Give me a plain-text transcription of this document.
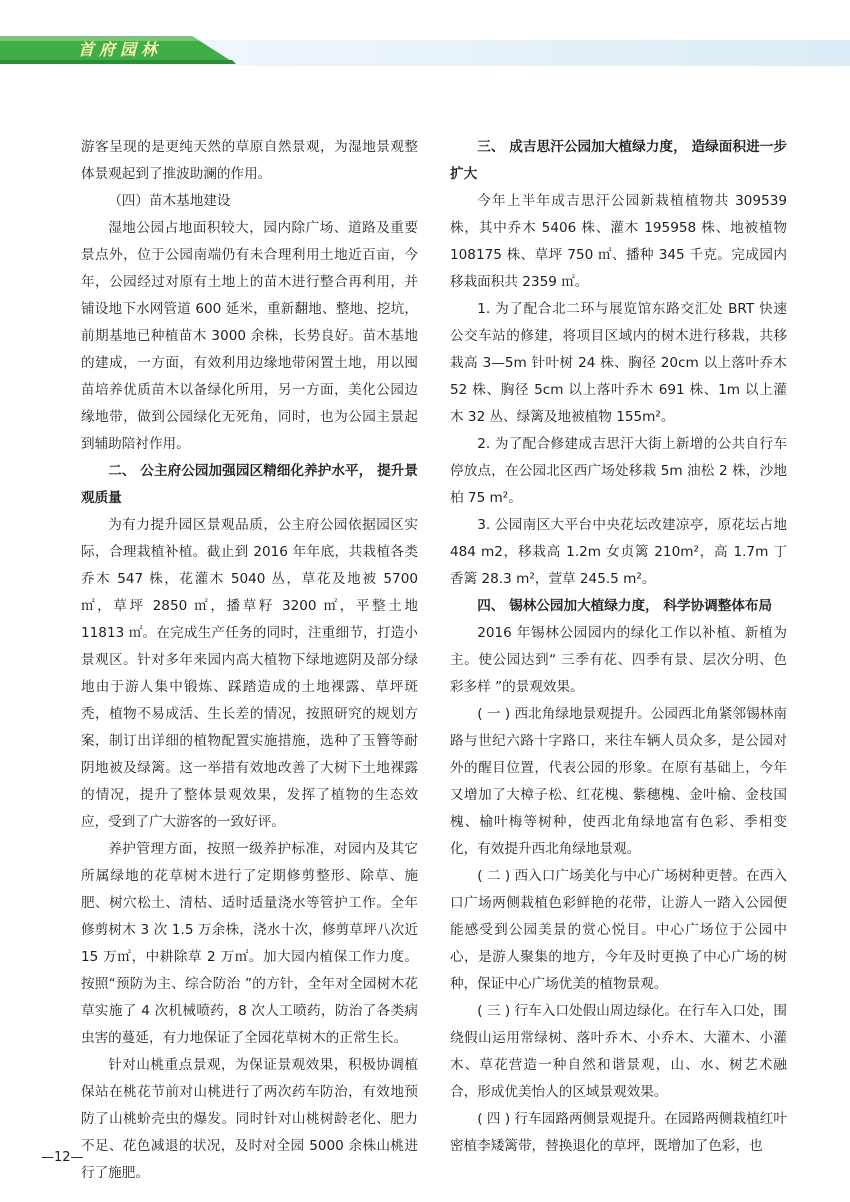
首府园林

游客呈现的是更纯天然的草原自然景观，为湿地景观整体景观起到了推波助澜的作用。

（四）苗木基地建设

湿地公园占地面积较大，园内除广场、道路及重要景点外，位于公园南端仍有未合理利用土地近百亩，今年，公园经过对原有土地上的苗木进行整合再利用，并铺设地下水网管道 600 延米，重新翻地、整地、挖坑，前期基地已种植苗木 3000 余株，长势良好。苗木基地的建成，一方面，有效利用边缘地带闲置土地，用以囤苗培养优质苗木以备绿化所用，另一方面，美化公园边缘地带，做到公园绿化无死角，同时，也为公园主景起到辅助陪衬作用。

二、 公主府公园加强园区精细化养护水平， 提升景观质量

为有力提升园区景观品质，公主府公园依据园区实际，合理栽植补植。截止到 2016 年年底，共栽植各类乔木 547 株，花灌木 5040 丛，草花及地被 5700 ㎡，草坪 2850 ㎡，播草籽 3200 ㎡，平整土地 11813 ㎡。在完成生产任务的同时，注重细节，打造小景观区。针对多年来园内高大植物下绿地遮阴及部分绿地由于游人集中锻炼、踩踏造成的土地裸露、草坪斑秃，植物不易成活、生长差的情况，按照研究的规划方案，制订出详细的植物配置实施措施，选种了玉簪等耐阴地被及绿篱。这一举措有效地改善了大树下土地裸露的情况，提升了整体景观效果，发挥了植物的生态效应，受到了广大游客的一致好评。

养护管理方面，按照一级养护标准，对园内及其它所属绿地的花草树木进行了定期修剪整形、除草、施肥、树穴松土、清枯、适时适量浇水等管护工作。全年修剪树木 3 次 1.5 万余株，浇水十次，修剪草坪八次近 15 万㎡，中耕除草 2 万㎡。加大园内植保工作力度。按照“预防为主、综合防治 ”的方针，全年对全园树木花草实施了 4 次机械喷药，8 次人工喷药，防治了各类病虫害的蔓延，有力地保证了全园花草树木的正常生长。

针对山桃重点景观，为保证景观效果，积极协调植保站在桃花节前对山桃进行了两次药车防治，有效地预防了山桃蚧壳虫的爆发。同时针对山桃树龄老化、肥力不足、花色减退的状况，及时对全园 5000 余株山桃进行了施肥。

三、 成吉思汗公园加大植绿力度， 造绿面积进一步扩大

今年上半年成吉思汗公园新栽植植物共 309539 株，其中乔木 5406 株、灌木 195958 株、地被植物 108175 株、草坪 750 ㎡、播种 345 千克。完成园内移栽面积共 2359 ㎡。

1. 为了配合北二环与展览馆东路交汇处 BRT 快速公交车站的修建，将项目区域内的树木进行移栽，共移栽高 3—5m 针叶树 24 株、胸径 20cm 以上落叶乔木 52 株、胸径 5cm 以上落叶乔木 691 株、1m 以上灌木 32 丛、绿篱及地被植物 155m²。

2. 为了配合修建成吉思汗大街上新增的公共自行车停放点，在公园北区西广场处移栽 5m 油松 2 株，沙地柏 75 m²。

3. 公园南区大平台中央花坛改建凉亭，原花坛占地 484 m2，移栽高 1.2m 女贞篱 210m²，高 1.7m 丁香篱 28.3 m²，萱草 245.5 m²。

四、 锡林公园加大植绿力度， 科学协调整体布局

2016 年锡林公园园内的绿化工作以补植、新植为主。使公园达到“ 三季有花、四季有景、层次分明、色彩多样 ”的景观效果。

( 一 ) 西北角绿地景观提升。公园西北角紧邻锡林南路与世纪六路十字路口，来往车辆人员众多，是公园对外的醒目位置，代表公园的形象。在原有基础上，今年又增加了大樟子松、红花槐、紫穗槐、金叶榆、金枝国槐、榆叶梅等树种，使西北角绿地富有色彩、季相变化，有效提升西北角绿地景观。

( 二 ) 西入口广场美化与中心广场树种更替。在西入口广场两侧栽植色彩鲜艳的花带，让游人一踏入公园便能感受到公园美景的赏心悦目。中心广场位于公园中心，是游人聚集的地方，今年及时更换了中心广场的树种，保证中心广场优美的植物景观。

( 三 ) 行车入口处假山周边绿化。在行车入口处，围绕假山运用常绿树、落叶乔木、小乔木、大灌木、小灌木、草花营造一种自然和谐景观，山、水、树艺术融合，形成优美怡人的区域景观效果。

( 四 ) 行车园路两侧景观提升。在园路两侧栽植红叶密植李矮篱带，替换退化的草坪，既增加了色彩，也

—12—
